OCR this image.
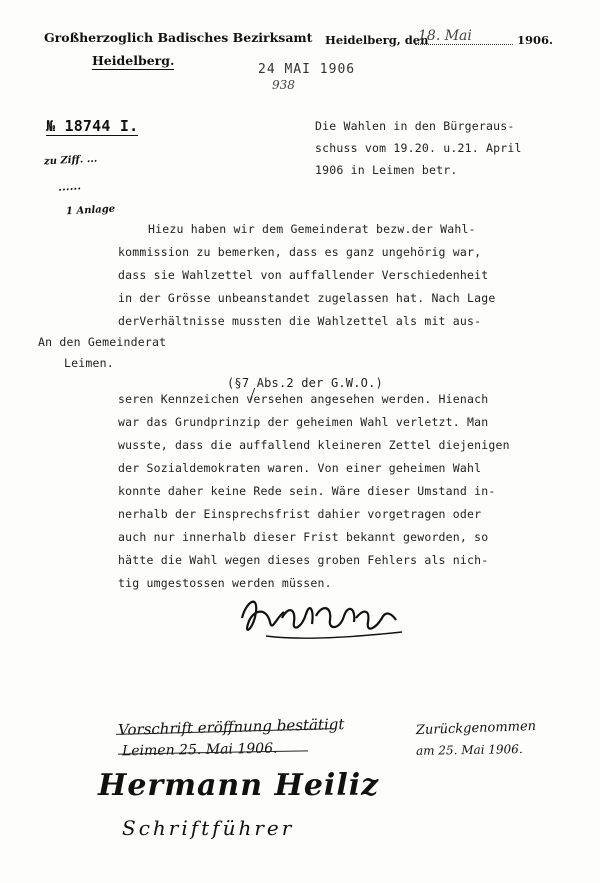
Großherzoglich Badisches Bezirksamt
Heidelberg.
Heidelberg, den
18. Mai	1906.
24 MAI 1906
938
№ 18744 I.
zu Ziff. ...
......
1 Anlage
Die Wahlen in den Bürgeraus-
schuss vom 19.20. u.21. April
1906 in Leimen betr.
Hiezu haben wir dem Gemeinderat bezw.der Wahl-
kommission zu bemerken, dass es ganz ungehörig war,
dass sie Wahlzettel von auffallender Verschiedenheit
in der Grösse unbeanstandet zugelassen hat. Nach Lage
derVerhältnisse mussten die Wahlzettel als mit aus-
An den Gemeinderat
Leimen.
(§7 Abs.2 der G.W.O.)
seren Kennzeichen versehen angesehen werden. Hienach
war das Grundprinzip der geheimen Wahl verletzt. Man
wusste, dass die auffallend kleineren Zettel diejenigen
der Sozialdemokraten waren. Von einer geheimen Wahl
konnte daher keine Rede sein. Wäre dieser Umstand in-
nerhalb der Einsprechsfrist dahier vorgetragen oder
auch nur innerhalb dieser Frist bekannt geworden, so
hätte die Wahl wegen dieses groben Fehlers als nich-
tig umgestossen werden müssen.
Vorschrift eröffnung bestätigt
Leimen 25. Mai 1906.
Hermann Heiliz
Schriftführer
Zurückgenommen
am 25. Mai 1906.
